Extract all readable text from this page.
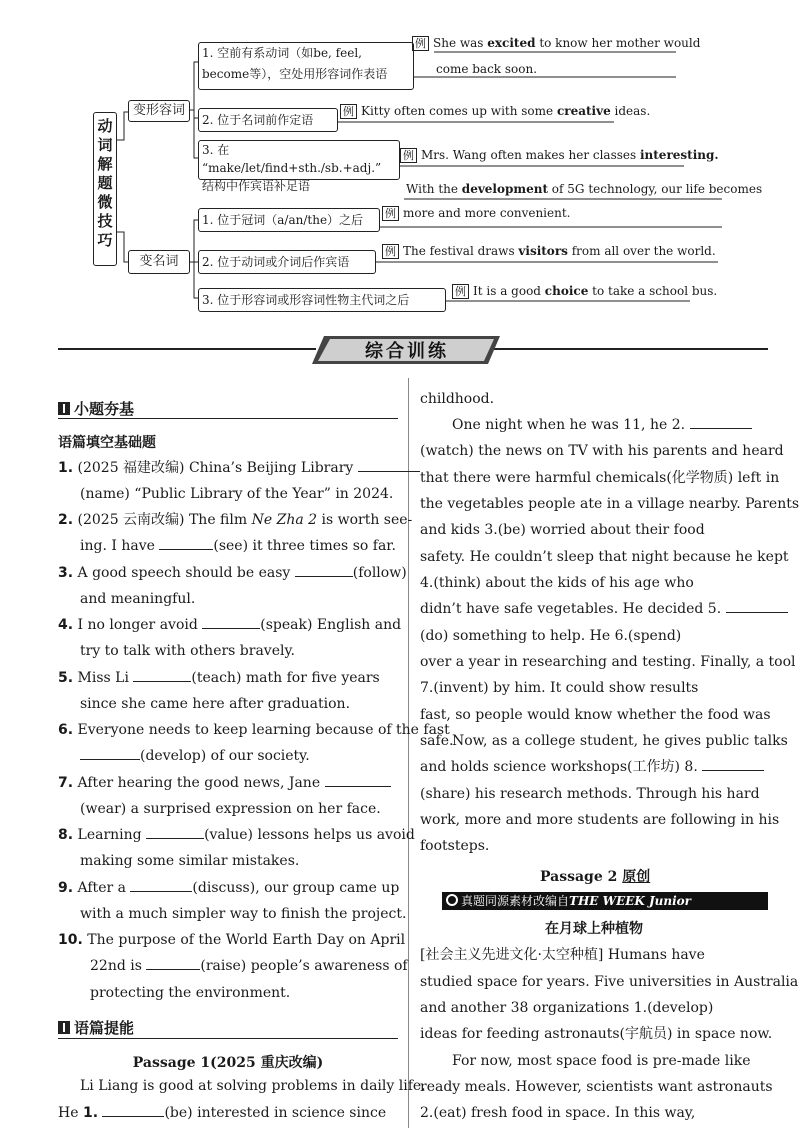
动词解题微技巧
变形容词
变名词
1. 空前有系动词（如be, feel,
become等），空处用形容词作表语
例 She was excited to know her mother would
come back soon.
2. 位于名词前作定语
例 Kitty often comes up with some creative ideas.
3. 在 “make/let/find+sth./sb.+adj.”
结构中作宾语补足语
例 Mrs. Wang often makes her classes interesting.
With the development of 5G technology, our life becomes
1. 位于冠词（a/an/the）之后	例 more and more convenient.
2. 位于动词或介词后作宾语
例 The festival draws visitors from all over the world.
3. 位于形容词或形容词性物主代词之后
例 It is a good choice to take a school bus.
综合训练
小题夯基
语篇填空基础题
1. (2025 福建改编) China’s Beijing Library
(name) “Public Library of the Year” in 2024.
2. (2025 云南改编) The film Ne Zha 2 is worth see-
ing. I have	(see) it three times so far.
3. A good speech should be easy	(follow)
and meaningful.
4. I no longer avoid	(speak) English and
try to talk with others bravely.
5. Miss Li	(teach) math for five years
since she came here after graduation.
6. Everyone needs to keep learning because of the fast
(develop) of our society.
7. After hearing the good news, Jane
(wear) a surprised expression on her face.
8. Learning	(value) lessons helps us avoid
making some similar mistakes.
9. After a	(discuss), our group came up
with a much simpler way to finish the project.
10. The purpose of the World Earth Day on April
22nd is	(raise) people’s awareness of
protecting the environment.
语篇提能
Passage 1(2025 重庆改编)
Li Liang is good at solving problems in daily life.
He 1.	(be) interested in science since
childhood.
One night when he was 11, he 2.
(watch) the news on TV with his parents and heard
that there were harmful chemicals(化学物质) left in
the vegetables people ate in a village nearby. Parents
and kids 3.(be) worried about their food
safety. He couldn’t sleep that night because he kept
4.(think) about the kids of his age who
didn’t have safe vegetables. He decided 5.
(do) something to help. He 6.(spend)
over a year in researching and testing. Finally, a tool
7.(invent) by him. It could show results
fast, so people would know whether the food was safe.
Now, as a college student, he gives public talks
and holds science workshops(工作坊) 8.
(share) his research methods. Through his hard
work, more and more students are following in his
footsteps.
Passage 2 原创
真题同源素材改编自THE WEEK Junior
在月球上种植物
[社会主义先进文化·太空种植] Humans have
studied space for years. Five universities in Australia
and another 38 organizations 1.(develop)
ideas for feeding astronauts(宇航员) in space now.
For now, most space food is pre-made like
ready meals. However, scientists want astronauts
2.(eat) fresh food in space. In this way,
